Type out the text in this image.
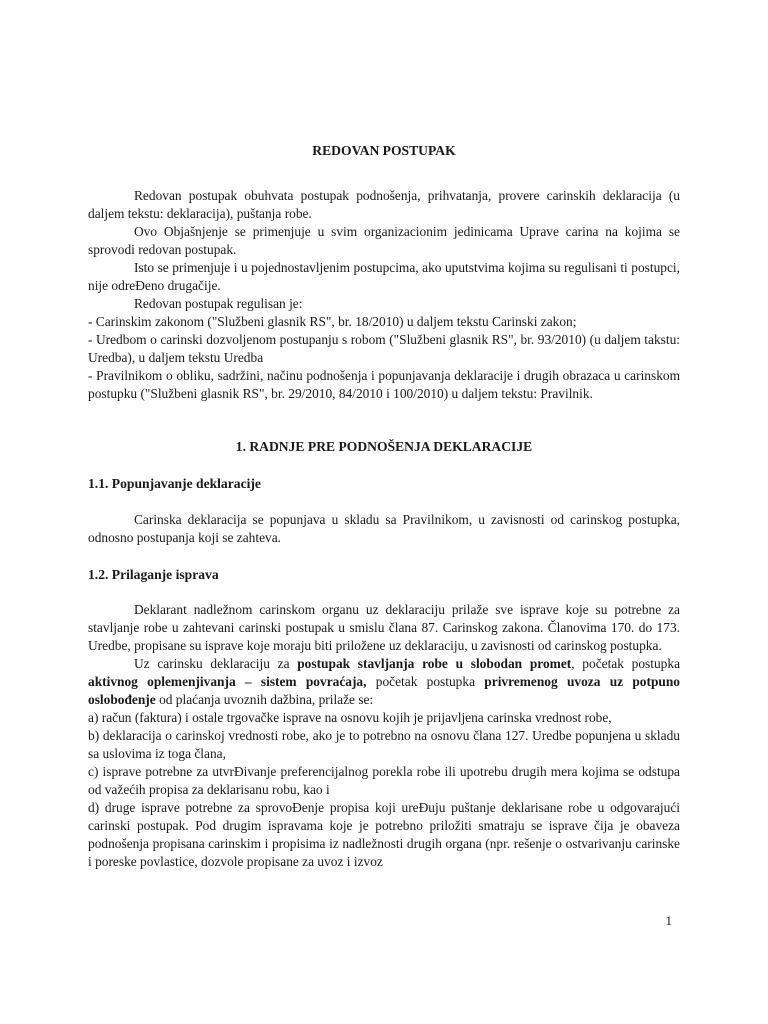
REDOVAN POSTUPAK

Redovan postupak obuhvata postupak podnošenja, prihvatanja, provere carinskih deklaracija (u daljem tekstu: deklaracija), puštanja robe.

Ovo Objašnjenje se primenjuje u svim organizacionim jedinicama Uprave carina na kojima se sprovodi redovan postupak.

Isto se primenjuje i u pojednostavljenim postupcima, ako uputstvima kojima su regulisani ti postupci, nije odreĐeno drugačije.

Redovan postupak regulisan je:

- Carinskim zakonom ("Službeni glasnik RS", br. 18/2010) u daljem tekstu Carinski zakon;

- Uredbom o carinski dozvoljenom postupanju s robom ("Službeni glasnik RS", br. 93/2010) (u daljem takstu: Uredba), u daljem tekstu Uredba

- Pravilnikom o obliku, sadržini, načinu podnošenja i popunjavanja deklaracije i drugih obrazaca u carinskom postupku ("Službeni glasnik RS", br. 29/2010, 84/2010 i 100/2010) u daljem tekstu: Pravilnik.

1. RADNJE PRE PODNOŠENJA DEKLARACIJE
1.1. Popunjavanje deklaracije

Carinska deklaracija se popunjava u skladu sa Pravilnikom, u zavisnosti od carinskog postupka, odnosno postupanja koji se zahteva.

1.2. Prilaganje isprava

Deklarant nadležnom carinskom organu uz deklaraciju prilaže sve isprave koje su potrebne za stavljanje robe u zahtevani carinski postupak u smislu člana 87. Carinskog zakona. Članovima 170. do 173. Uredbe, propisane su isprave koje moraju biti priložene uz deklaraciju, u zavisnosti od carinskog postupka.

Uz carinsku deklaraciju za postupak stavljanja robe u slobodan promet, početak postupka aktivnog oplemenjivanja – sistem povraćaja, početak postupka privremenog uvoza uz potpuno oslobođenje od plaćanja uvoznih dažbina, prilaže se:

a) račun (faktura) i ostale trgovačke isprave na osnovu kojih je prijavljena carinska vrednost robe,

b) deklaracija o carinskoj vrednosti robe, ako je to potrebno na osnovu člana 127. Uredbe popunjena u skladu sa uslovima iz toga člana,

c) isprave potrebne za utvrĐivanje preferencijalnog porekla robe ili upotrebu drugih mera kojima se odstupa od važećih propisa za deklarisanu robu, kao i

d) druge isprave potrebne za sprovoĐenje propisa koji ureĐuju puštanje deklarisane robe u odgovarajući carinski postupak. Pod drugim ispravama koje je potrebno priložiti smatraju se isprave čija je obaveza podnošenja propisana carinskim i propisima iz nadležnosti drugih organa (npr. rešenje o ostvarivanju carinske i poreske povlastice, dozvole propisane za uvoz i izvoz

1
